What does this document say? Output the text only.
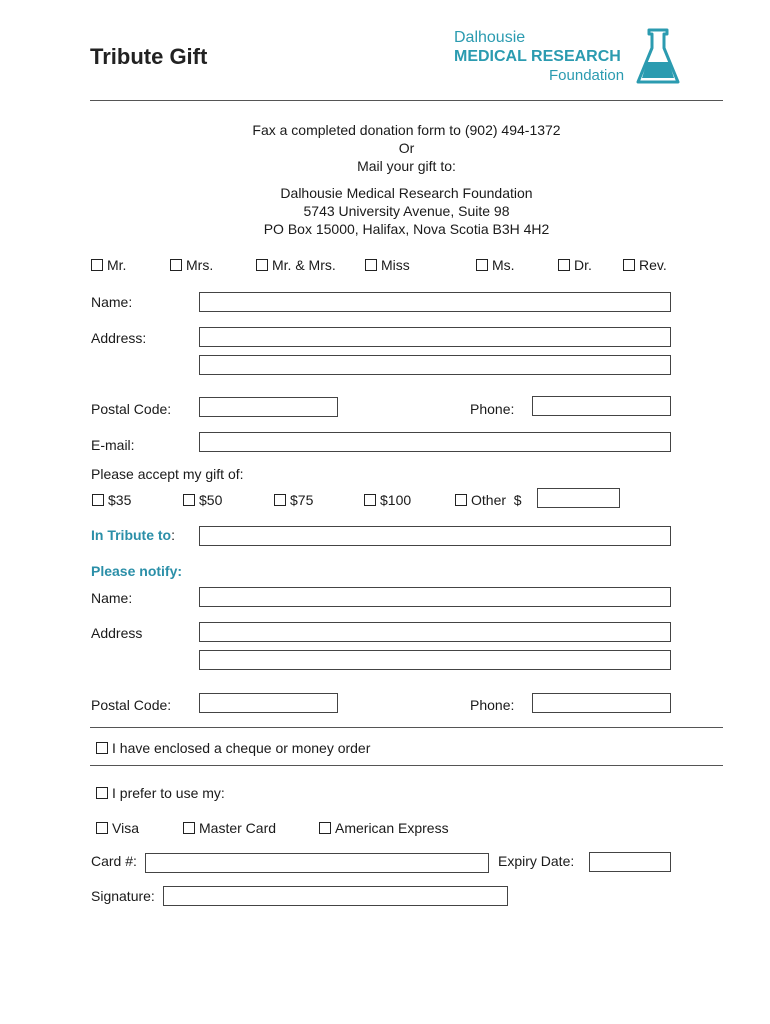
Tribute Gift
Dalhousie
MEDICAL RESEARCH
Foundation
Fax a completed donation form to (902) 494-1372
Or
Mail your gift to:
Dalhousie Medical Research Foundation
5743 University Avenue, Suite 98
PO Box 15000, Halifax, Nova Scotia B3H 4H2
Mr.	Mrs.	Mr. & Mrs.	Miss	Ms.	Dr.	Rev.
Name:
Address:
Postal Code:	Phone:
E-mail:
Please accept my gift of:
$35	$50	$75	$100	Other  $
In Tribute to:
Please notify:
Name:
Address
Postal Code:	Phone:
I have enclosed a cheque or money order
I prefer to use my:
Visa	Master Card	American Express
Card #:	Expiry Date:
Signature:
